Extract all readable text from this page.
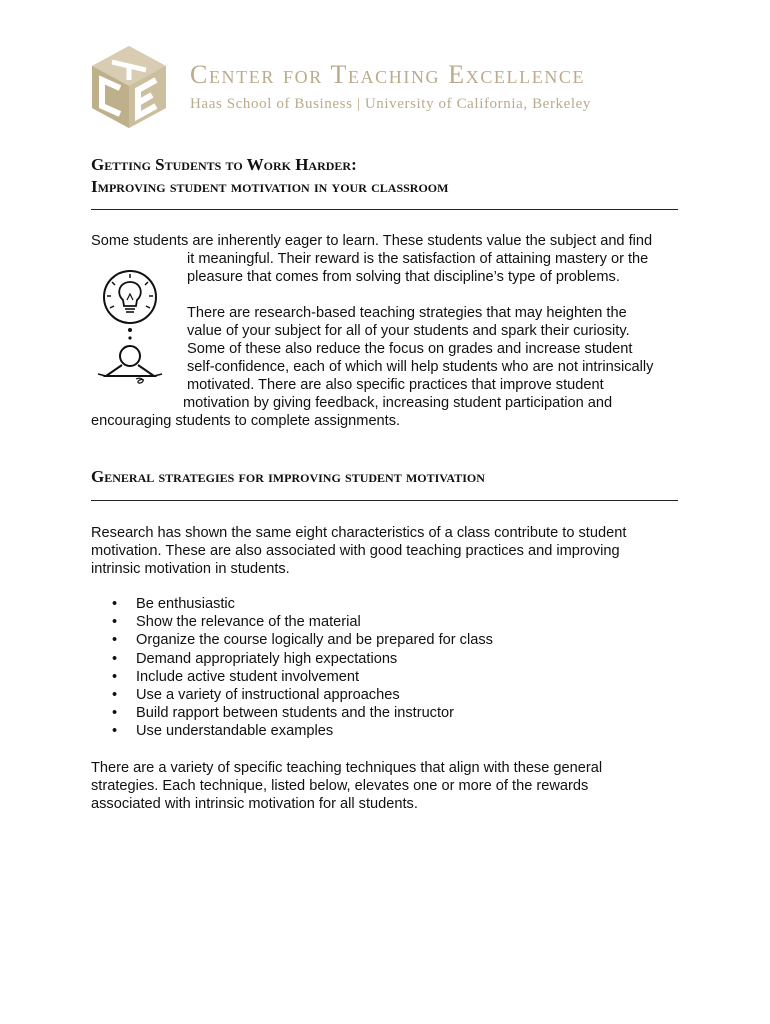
Center for Teaching Excellence
Haas School of Business | University of California, Berkeley
Getting Students to Work Harder:
Improving student motivation in your classroom
Some students are inherently eager to learn. These students value the subject and find
it meaningful. Their reward is the satisfaction of attaining mastery or the
pleasure that comes from solving that discipline’s type of problems.
There are research-based teaching strategies that may heighten the
value of your subject for all of your students and spark their curiosity.
Some of these also reduce the focus on grades and increase student
self-confidence, each of which will help students who are not intrinsically
motivated. There are also specific practices that improve student
motivation by giving feedback, increasing student participation and
encouraging students to complete assignments.
General strategies for improving student motivation
Research has shown the same eight characteristics of a class contribute to student motivation. These are also associated with good teaching practices and improving intrinsic motivation in students.
• Be enthusiastic
• Show the relevance of the material
• Organize the course logically and be prepared for class
• Demand appropriately high expectations
• Include active student involvement
• Use a variety of instructional approaches
• Build rapport between students and the instructor
• Use understandable examples
There are a variety of specific teaching techniques that align with these general strategies. Each technique, listed below, elevates one or more of the rewards associated with intrinsic motivation for all students.
